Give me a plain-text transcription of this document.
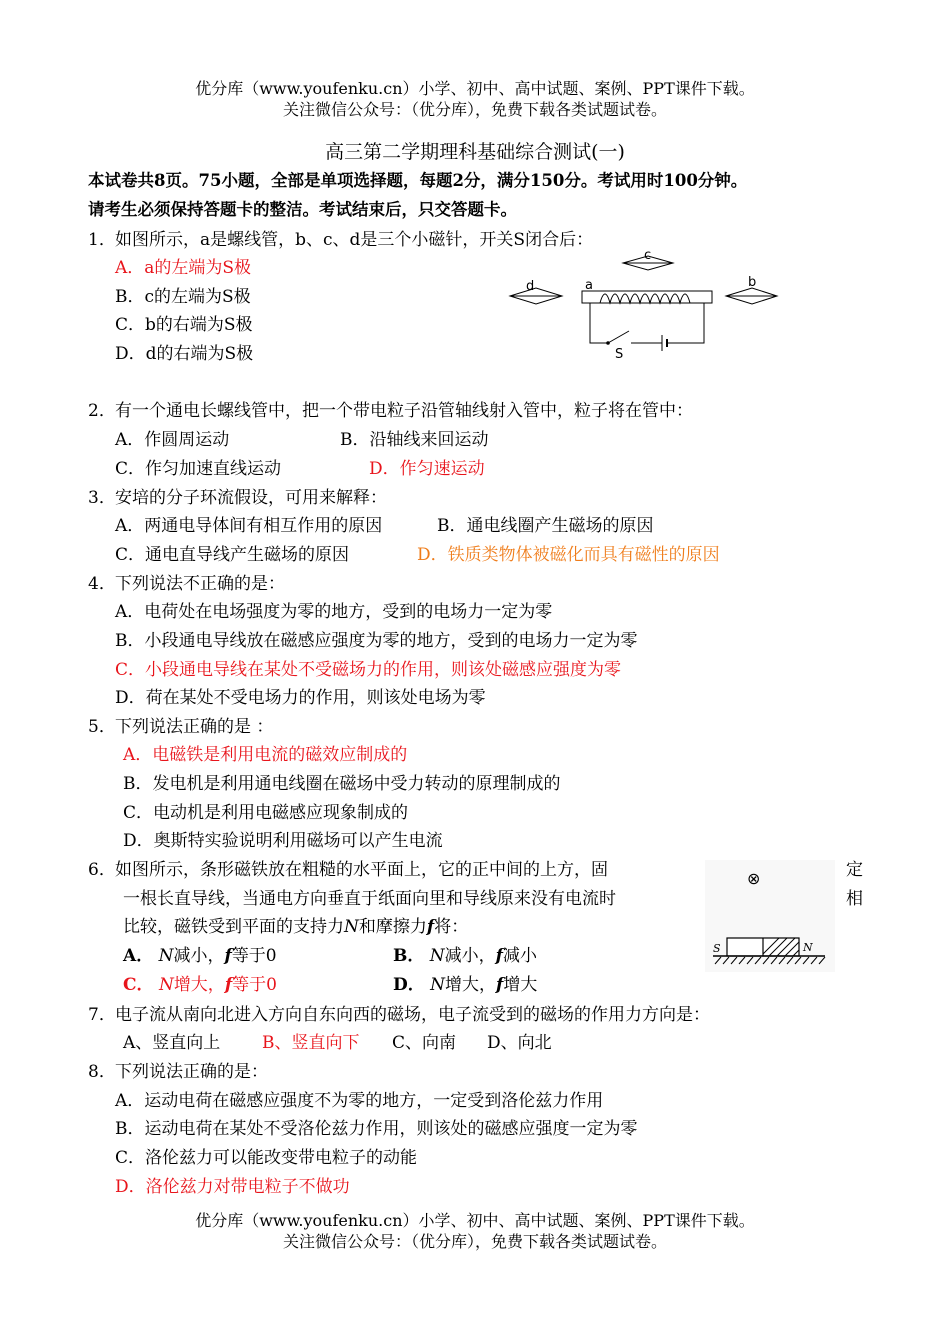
优分库（www.youfenku.cn）小学、初中、高中试题、案例、PPT课件下载。
关注微信公众号：（优分库），免费下载各类试题试卷。
高三第二学期理科基础综合测试(一)
本试卷共8页。75小题，全部是单项选择题，每题2分，满分150分。考试用时100分钟。
请考生必须保持答题卡的整洁。考试结束后，只交答题卡。
1． 如图所示，a是螺线管，b、c、d是三个小磁针，开关S闭合后：
A．a的左端为S极
B．c的左端为S极
C．b的右端为S极
D．d的右端为S极
c
d	b
a
S
2． 有一个通电长螺线管中，把一个带电粒子沿管轴线射入管中，粒子将在管中：
A．作圆周运动	B．沿轴线来回运动
C．作匀加速直线运动	D．作匀速运动
3． 安培的分子环流假设，可用来解释：
A．两通电导体间有相互作用的原因	B．通电线圈产生磁场的原因
C．通电直导线产生磁场的原因	D．铁质类物体被磁化而具有磁性的原因
4． 下列说法不正确的是：
A．电荷处在电场强度为零的地方，受到的电场力一定为零
B．小段通电导线放在磁感应强度为零的地方，受到的电场力一定为零
C．小段通电导线在某处不受磁场力的作用，则该处磁感应强度为零
D．荷在某处不受电场力的作用，则该处电场为零
5． 下列说法正确的是 ：
A．电磁铁是利用电流的磁效应制成的
B．发电机是利用通电线圈在磁场中受力转动的原理制成的
C．电动机是利用电磁感应现象制成的
D．奥斯特实验说明利用磁场可以产生电流
6． 如图所示，条形磁铁放在粗糙的水平面上，它的正中间的上方，固	定
一根长直导线，当通电方向垂直于纸面向里和导线原来没有电流时	相
比较，磁铁受到平面的支持力N和摩擦力f将：
A． N减小，f等于0	B． N减小，f减小
C． N增大，f等于0	D． N增大，f增大
⊗
S	N
7． 电子流从南向北进入方向自东向西的磁场，电子流受到的磁场的作用力方向是：
A、竖直向上 B、竖直向下 C、向南 D、向北
8． 下列说法正确的是：
A．运动电荷在磁感应强度不为零的地方，一定受到洛伦兹力作用
B．运动电荷在某处不受洛伦兹力作用，则该处的磁感应强度一定为零
C．洛伦兹力可以能改变带电粒子的动能
D．洛伦兹力对带电粒子不做功
优分库（www.youfenku.cn）小学、初中、高中试题、案例、PPT课件下载。
关注微信公众号：（优分库），免费下载各类试题试卷。
